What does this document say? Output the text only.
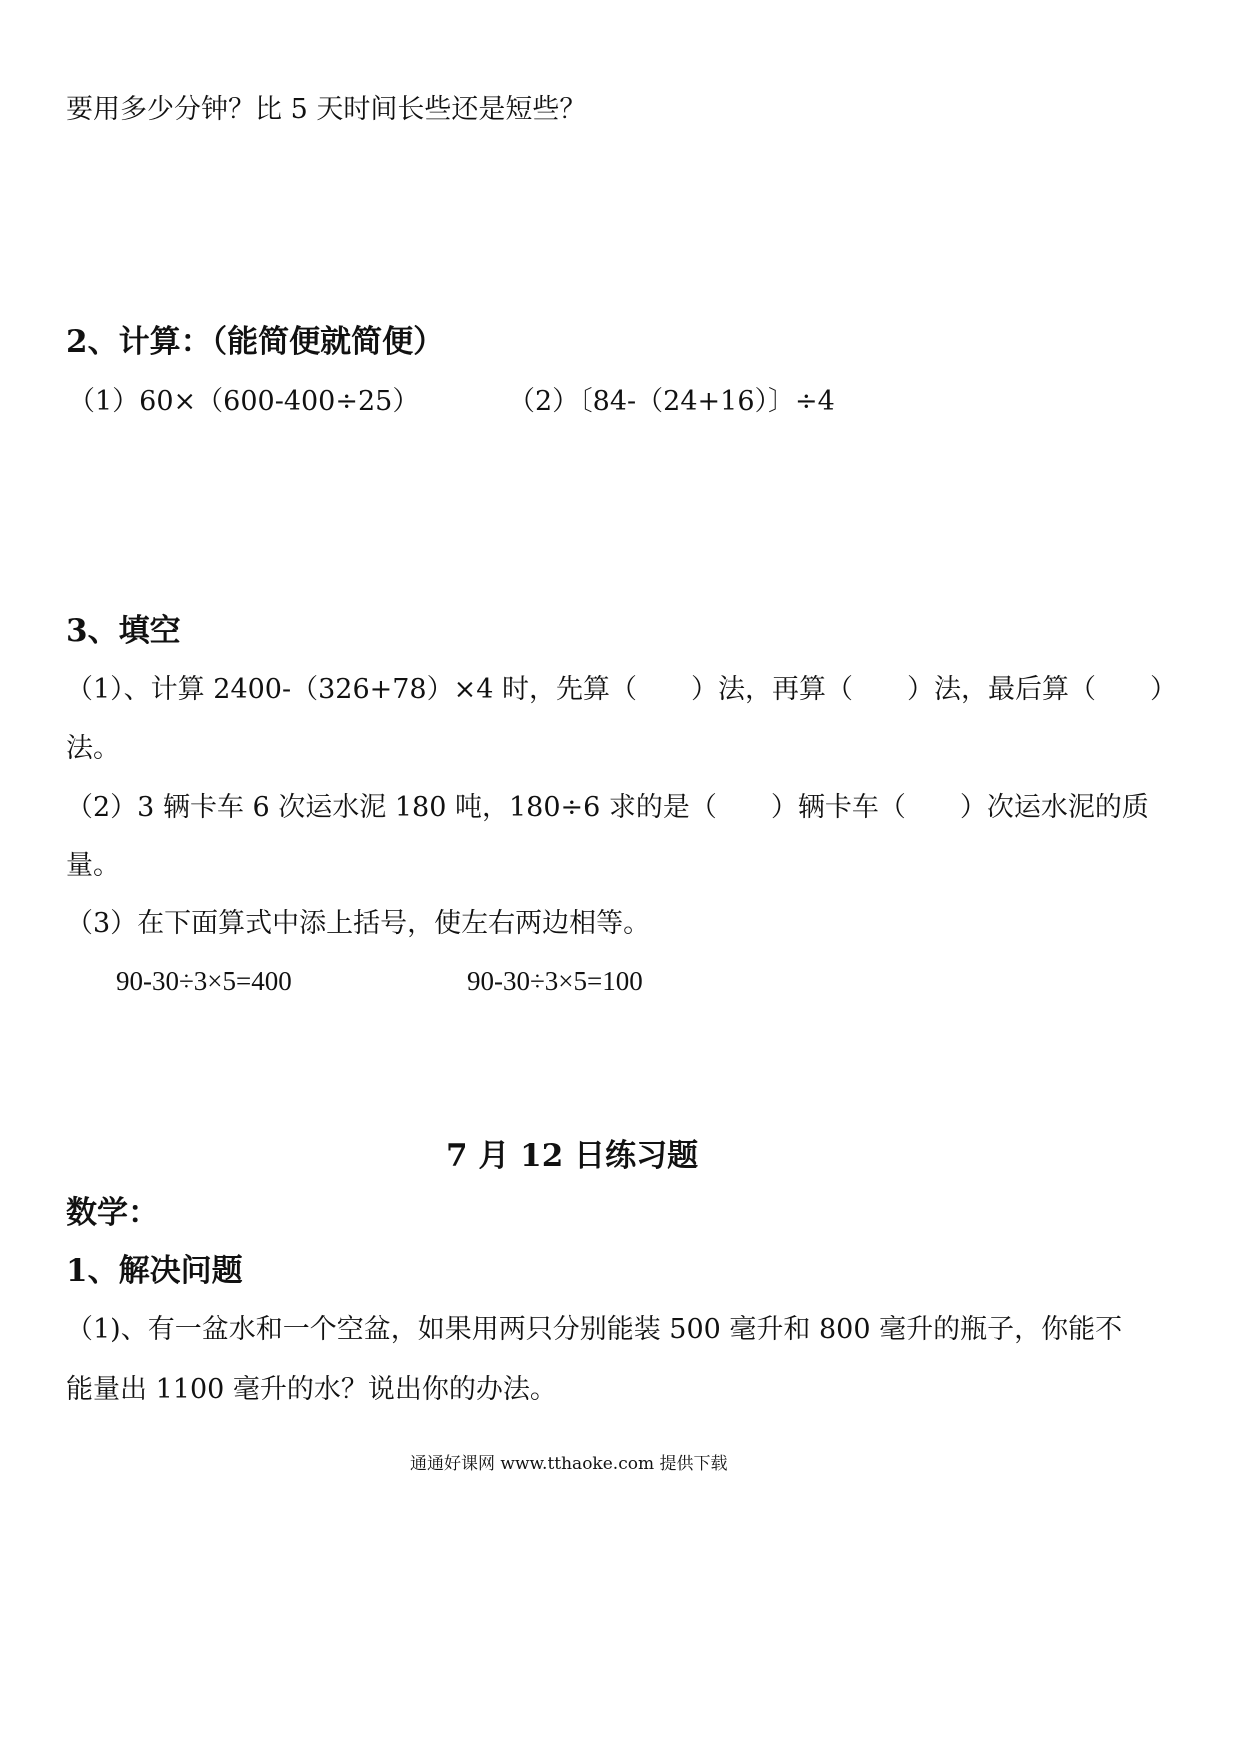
要用多少分钟？比 5 天时间长些还是短些？
2、计算：（能简便就简便）
（1）60×（600-400÷25）	（2）〔84-（24+16）〕÷4
3、填空
（1）、计算 2400-（326+78）×4 时，先算（　　）法，再算（　　）法，最后算（　　）
法。
（2）3 辆卡车 6 次运水泥 180 吨，180÷6 求的是（　　）辆卡车（　　）次运水泥的质
量。
（3）在下面算式中添上括号，使左右两边相等。
90-30÷3×5=400	90-30÷3×5=100
7 月 12 日练习题
数学：
1、解决问题
（1)、有一盆水和一个空盆，如果用两只分别能装 500 毫升和 800 毫升的瓶子，你能不
能量出 1100 毫升的水？说出你的办法。
通通好课网 www.tthaoke.com 提供下载
